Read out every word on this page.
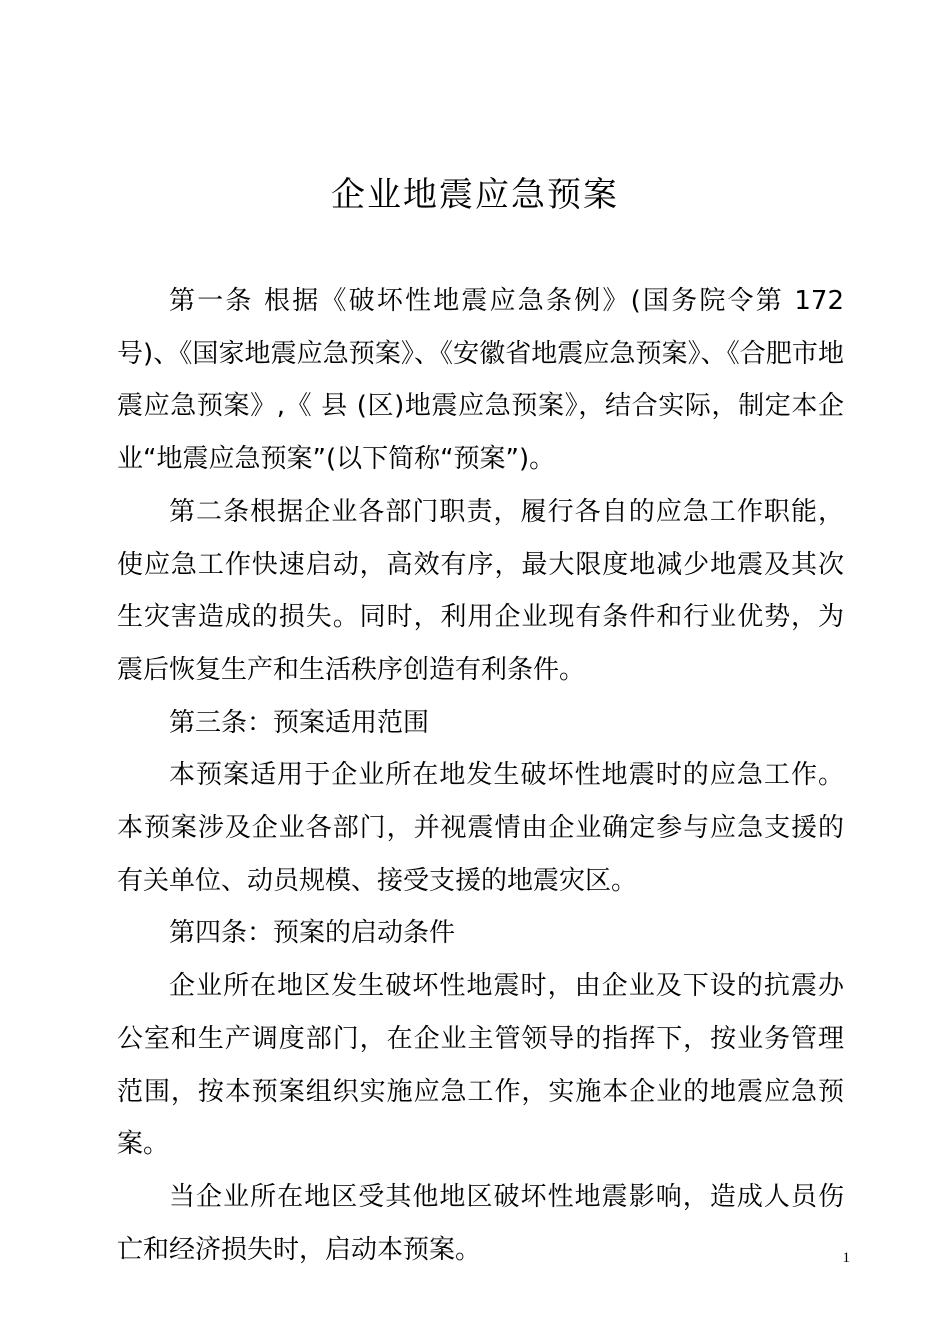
企业地震应急预案

第一条 根据《破坏性地震应急条例》(国务院令第 172 号)、《国家地震应急预案》、《安徽省地震应急预案》、《合肥市地震应急预案》,《 县 (区)地震应急预案》，结合实际，制定本企业“地震应急预案”(以下简称“预案”)。

第二条根据企业各部门职责，履行各自的应急工作职能，使应急工作快速启动，高效有序，最大限度地减少地震及其次生灾害造成的损失。同时，利用企业现有条件和行业优势，为震后恢复生产和生活秩序创造有利条件。

第三条：预案适用范围

本预案适用于企业所在地发生破坏性地震时的应急工作。本预案涉及企业各部门，并视震情由企业确定参与应急支援的有关单位、动员规模、接受支援的地震灾区。

第四条：预案的启动条件

企业所在地区发生破坏性地震时，由企业及下设的抗震办公室和生产调度部门，在企业主管领导的指挥下，按业务管理范围，按本预案组织实施应急工作，实施本企业的地震应急预案。

当企业所在地区受其他地区破坏性地震影响，造成人员伤亡和经济损失时，启动本预案。	1
